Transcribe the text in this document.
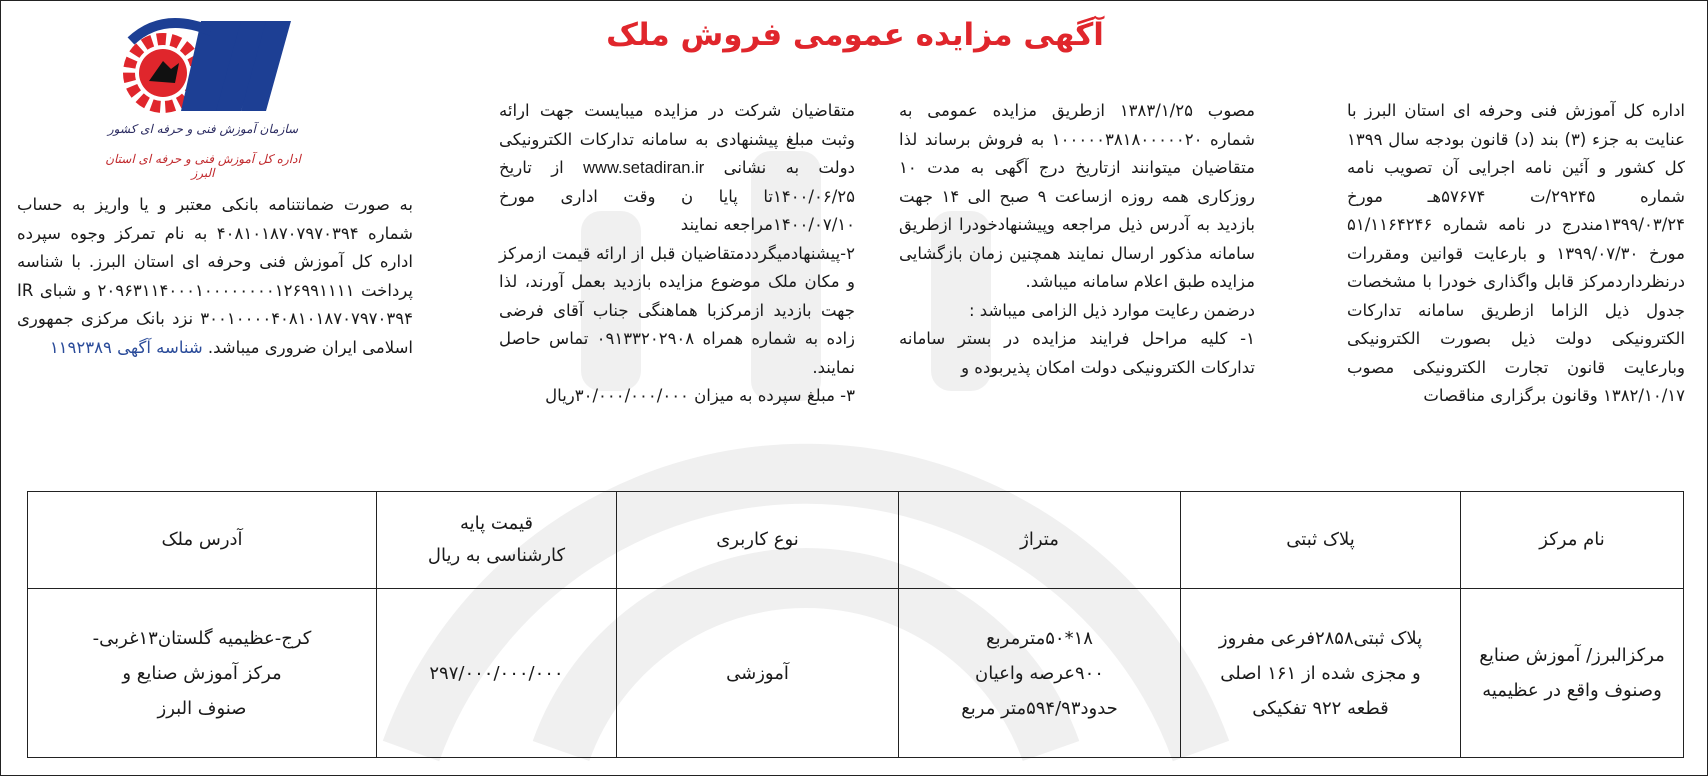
آگهی مزایده عمومی فروش ملک
سازمان آموزش فنی و حرفه ای کشور
اداره کل آموزش فنی و حرفه ای استان البرز

اداره کل آموزش فنی وحرفه ای استان البرز با عنایت به جزء (۳) بند (د) قانون بودجه سال ۱۳۹۹ کل کشور و آئین نامه اجرایی آن تصویب نامه شماره ۲۹۲۴۵/ت ۵۷۶۷۴هـ مورخ ۱۳۹۹/۰۳/۲۴مندرج در نامه شماره ۵۱/۱۱۶۴۲۴۶ مورخ ۱۳۹۹/۰۷/۳۰ و بارعایت قوانین ومقررات درنظرداردمرکز قابل واگذاری خودرا با مشخصات جدول ذیل الزاما ازطریق سامانه تدارکات الکترونیکی دولت ذیل بصورت الکترونیکی وبارعایت قانون تجارت الکترونیکی مصوب ۱۳۸۲/۱۰/۱۷ وقانون برگزاری مناقصات

مصوب ۱۳۸۳/۱/۲۵ ازطریق مزایده عمومی به شماره ۱۰۰۰۰۰۳۸۱۸۰۰۰۰۰۲۰ به فروش برساند لذا متقاضیان میتوانند ازتاریخ درج آگهی به مدت ۱۰ روزکاری همه روزه ازساعت ۹ صبح الی ۱۴ جهت بازدید به آدرس ذیل مراجعه وپیشنهادخودرا ازطریق سامانه مذکور ارسال نمایند همچنین زمان بازگشایی مزایده طبق اعلام سامانه میباشد.

درضمن رعایت موارد ذیل الزامی میباشد :

۱- کلیه مراحل فرایند مزایده در بستر سامانه تدارکات الکترونیکی دولت امکان پذیربوده و

متقاضیان شرکت در مزایده میبایست جهت ارائه وثبت مبلغ پیشنهادی به سامانه تدارکات الکترونیکی دولت به نشانی www.setadiran.ir از تاریخ ۱۴۰۰/۰۶/۲۵تا پایا ن وقت اداری مورخ ۱۴۰۰/۰۷/۱۰مراجعه نمایند

۲-پیشنهادمیگرددمتقاضیان قبل از ارائه قیمت ازمرکز و مکان ملک موضوع مزایده بازدید بعمل آورند، لذا جهت بازدید ازمرکزبا هماهنگی جناب آقای فرضی زاده به شماره همراه ۰۹۱۳۳۲۰۲۹۰۸ تماس حاصل نمایند.

۳- مبلغ سپرده به میزان ۳۰/۰۰۰/۰۰۰/۰۰۰ریال

به صورت ضمانتنامه بانکی معتبر و یا واریز به حساب شماره ۴۰۸۱۰۱۸۷۰۷۹۷۰۳۹۴ به نام تمرکز وجوه سپرده اداره کل آموزش فنی وحرفه ای استان البرز. با شناسه پرداخت ۲۰۹۶۳۱۱۴۰۰۰۱۰۰۰۰۰۰۰۰۱۲۶۹۹۱۱۱۱ و شبای IR ۳۰۰۱۰۰۰۰۴۰۸۱۰۱۸۷۰۷۹۷۰۳۹۴ نزد بانک مرکزی جمهوری اسلامی ایران ضروری میباشد. شناسه آگهی ۱۱۹۲۳۸۹

نام مرکز	پلاک ثبتی	متراژ	نوع کاربری	قیمت پایه
کارشناسی به ریال	آدرس ملک
مرکزالبرز/ آموزش صنایع
وصنوف واقع در عظیمیه	پلاک ثبتی۲۸۵۸فرعی مفروز
و مجزی شده از ۱۶۱ اصلی
قطعه ۹۲۲ تفکیکی	۱۸*۵۰مترمربع
۹۰۰عرصه واعیان
حدود۵۹۴/۹۳متر مربع	آموزشی	۲۹۷/۰۰۰/۰۰۰/۰۰۰	کرج-عظیمیه گلستان۱۳غربی-
مرکز آموزش صنایع و
صنوف البرز
